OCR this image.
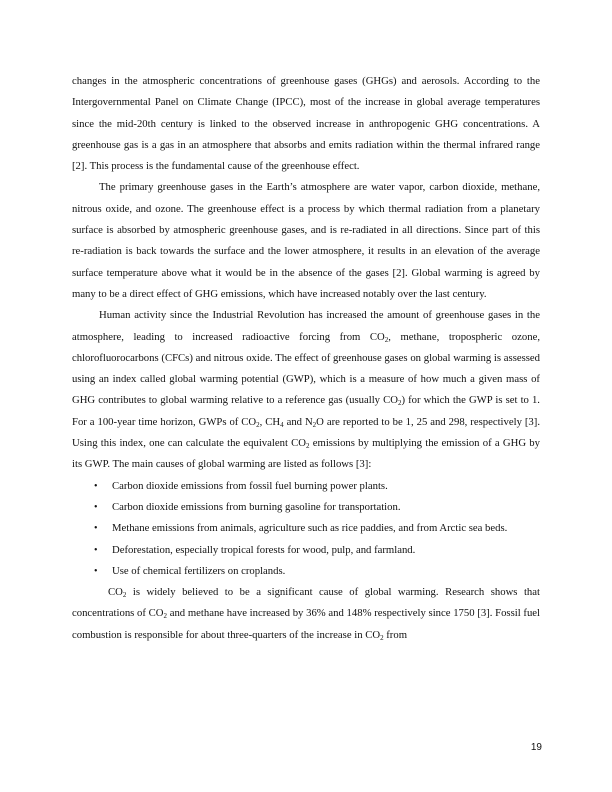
changes in the atmospheric concentrations of greenhouse gases (GHGs) and aerosols. According to the Intergovernmental Panel on Climate Change (IPCC), most of the increase in global average temperatures since the mid-20th century is linked to the observed increase in anthropogenic GHG concentrations. A greenhouse gas is a gas in an atmosphere that absorbs and emits radiation within the thermal infrared range [2]. This process is the fundamental cause of the greenhouse effect.

The primary greenhouse gases in the Earth’s atmosphere are water vapor, carbon dioxide, methane, nitrous oxide, and ozone. The greenhouse effect is a process by which thermal radiation from a planetary surface is absorbed by atmospheric greenhouse gases, and is re-radiated in all directions. Since part of this re-radiation is back towards the surface and the lower atmosphere, it results in an elevation of the average surface temperature above what it would be in the absence of the gases [2]. Global warming is agreed by many to be a direct effect of GHG emissions, which have increased notably over the last century.

Human activity since the Industrial Revolution has increased the amount of greenhouse gases in the atmosphere, leading to increased radioactive forcing from $CO_2$, methane, tropospheric ozone, chlorofluorocarbons (CFCs) and nitrous oxide. The effect of greenhouse gases on global warming is assessed using an index called global warming potential (GWP), which is a measure of how much a given mass of GHG contributes to global warming relative to a reference gas (usually $CO_2$) for which the GWP is set to 1. For a 100-year time horizon, GWPs of $CO_2$, $CH_4$ and $N_2O$ are reported to be 1, 25 and 298, respectively [3]. Using this index, one can calculate the equivalent $CO_2$ emissions by multiplying the emission of a GHG by its GWP. The main causes of global warming are listed as follows [3]:

• Carbon dioxide emissions from fossil fuel burning power plants.
• Carbon dioxide emissions from burning gasoline for transportation.
• Methane emissions from animals, agriculture such as rice paddies, and from Arctic sea beds.
• Deforestation, especially tropical forests for wood, pulp, and farmland.
• Use of chemical fertilizers on croplands.

$CO_2$ is widely believed to be a significant cause of global warming. Research shows that concentrations of $CO_2$ and methane have increased by 36% and 148% respectively since 1750 [3]. Fossil fuel combustion is responsible for about three-quarters of the increase in $CO_2$ from

19
